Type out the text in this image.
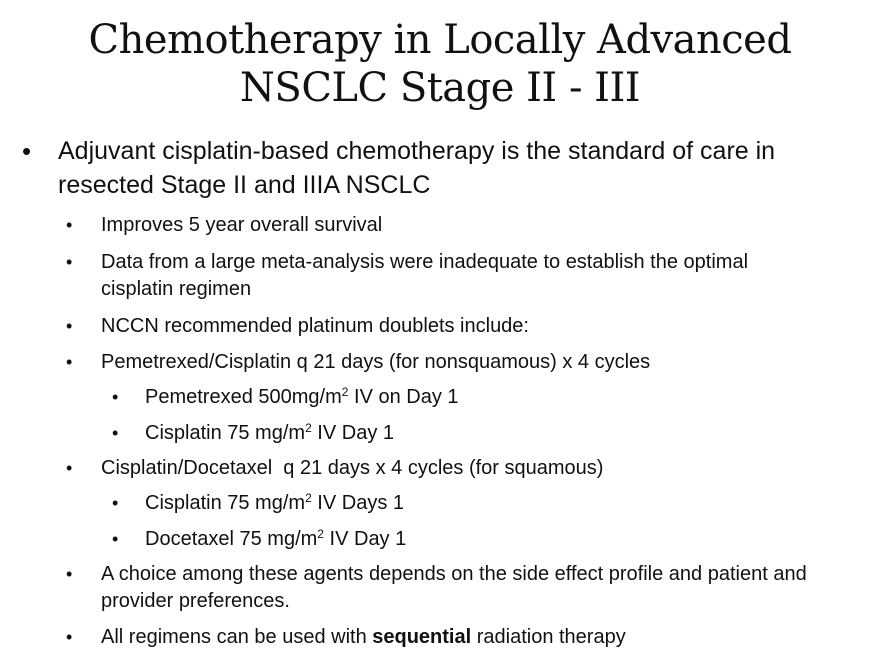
Chemotherapy in Locally Advanced
NSCLC Stage II - III
• Adjuvant cisplatin-based chemotherapy is the standard of care in resected Stage II and IIIA NSCLC
• Improves 5 year overall survival
• Data from a large meta-analysis were inadequate to establish the optimal cisplatin regimen
• NCCN recommended platinum doublets include:
• Pemetrexed/Cisplatin q 21 days (for nonsquamous) x 4 cycles
• Pemetrexed $500mg/m^2$ IV on Day 1
• Cisplatin 75 $mg/m^2$ IV Day 1
• Cisplatin/Docetaxel  q 21 days x 4 cycles (for squamous)
• Cisplatin 75 $mg/m^2$ IV Days 1
• Docetaxel 75 $mg/m^2$ IV Day 1
• A choice among these agents depends on the side effect profile and patient and provider preferences.
• All regimens can be used with sequential radiation therapy
